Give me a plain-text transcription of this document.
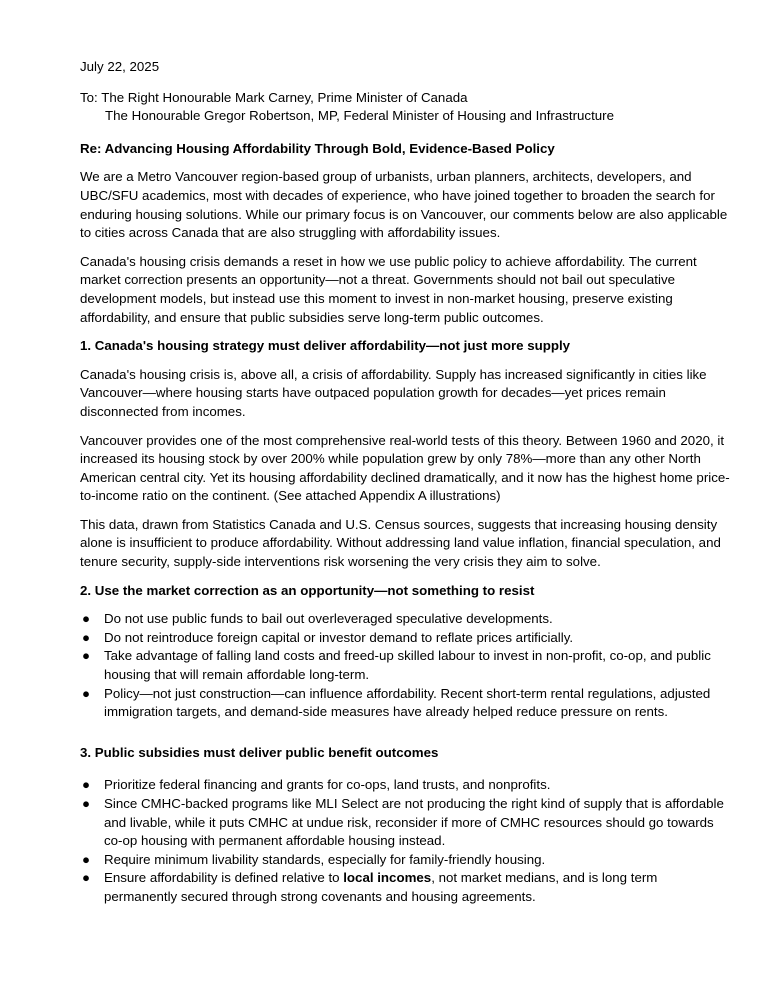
July 22, 2025

To: The Right Honourable Mark Carney, Prime Minister of Canada

The Honourable Gregor Robertson, MP, Federal Minister of Housing and Infrastructure

Re: Advancing Housing Affordability Through Bold, Evidence-Based Policy

We are a Metro Vancouver region-based group of urbanists, urban planners, architects, developers, and UBC/SFU academics, most with decades of experience, who have joined together to broaden the search for enduring housing solutions. While our primary focus is on Vancouver, our comments below are also applicable to cities across Canada that are also struggling with affordability issues.

Canada's housing crisis demands a reset in how we use public policy to achieve affordability. The current market correction presents an opportunity—not a threat. Governments should not bail out speculative development models, but instead use this moment to invest in non-market housing, preserve existing affordability, and ensure that public subsidies serve long-term public outcomes.

1. Canada's housing strategy must deliver affordability—not just more supply

Canada's housing crisis is, above all, a crisis of affordability. Supply has increased significantly in cities like Vancouver—where housing starts have outpaced population growth for decades—yet prices remain disconnected from incomes.

Vancouver provides one of the most comprehensive real-world tests of this theory. Between 1960 and 2020, it increased its housing stock by over 200% while population grew by only 78%—more than any other North American central city. Yet its housing affordability declined dramatically, and it now has the highest home price-to-income ratio on the continent. (See attached Appendix A illustrations)

This data, drawn from Statistics Canada and U.S. Census sources, suggests that increasing housing density alone is insufficient to produce affordability. Without addressing land value inflation, financial speculation, and tenure security, supply-side interventions risk worsening the very crisis they aim to solve.

2. Use the market correction as an opportunity—not something to resist
● Do not use public funds to bail out overleveraged speculative developments.
● Do not reintroduce foreign capital or investor demand to reflate prices artificially.
● Take advantage of falling land costs and freed-up skilled labour to invest in non-profit, co-op, and public housing that will remain affordable long-term.
● Policy—not just construction—can influence affordability. Recent short-term rental regulations, adjusted immigration targets, and demand-side measures have already helped reduce pressure on rents.
3. Public subsidies must deliver public benefit outcomes
● Prioritize federal financing and grants for co-ops, land trusts, and nonprofits.
● Since CMHC-backed programs like MLI Select are not producing the right kind of supply that is affordable and livable, while it puts CMHC at undue risk, reconsider if more of CMHC resources should go towards co-op housing with permanent affordable housing instead.
● Require minimum livability standards, especially for family-friendly housing.
● Ensure affordability is defined relative to local incomes, not market medians, and is long term permanently secured through strong covenants and housing agreements.
